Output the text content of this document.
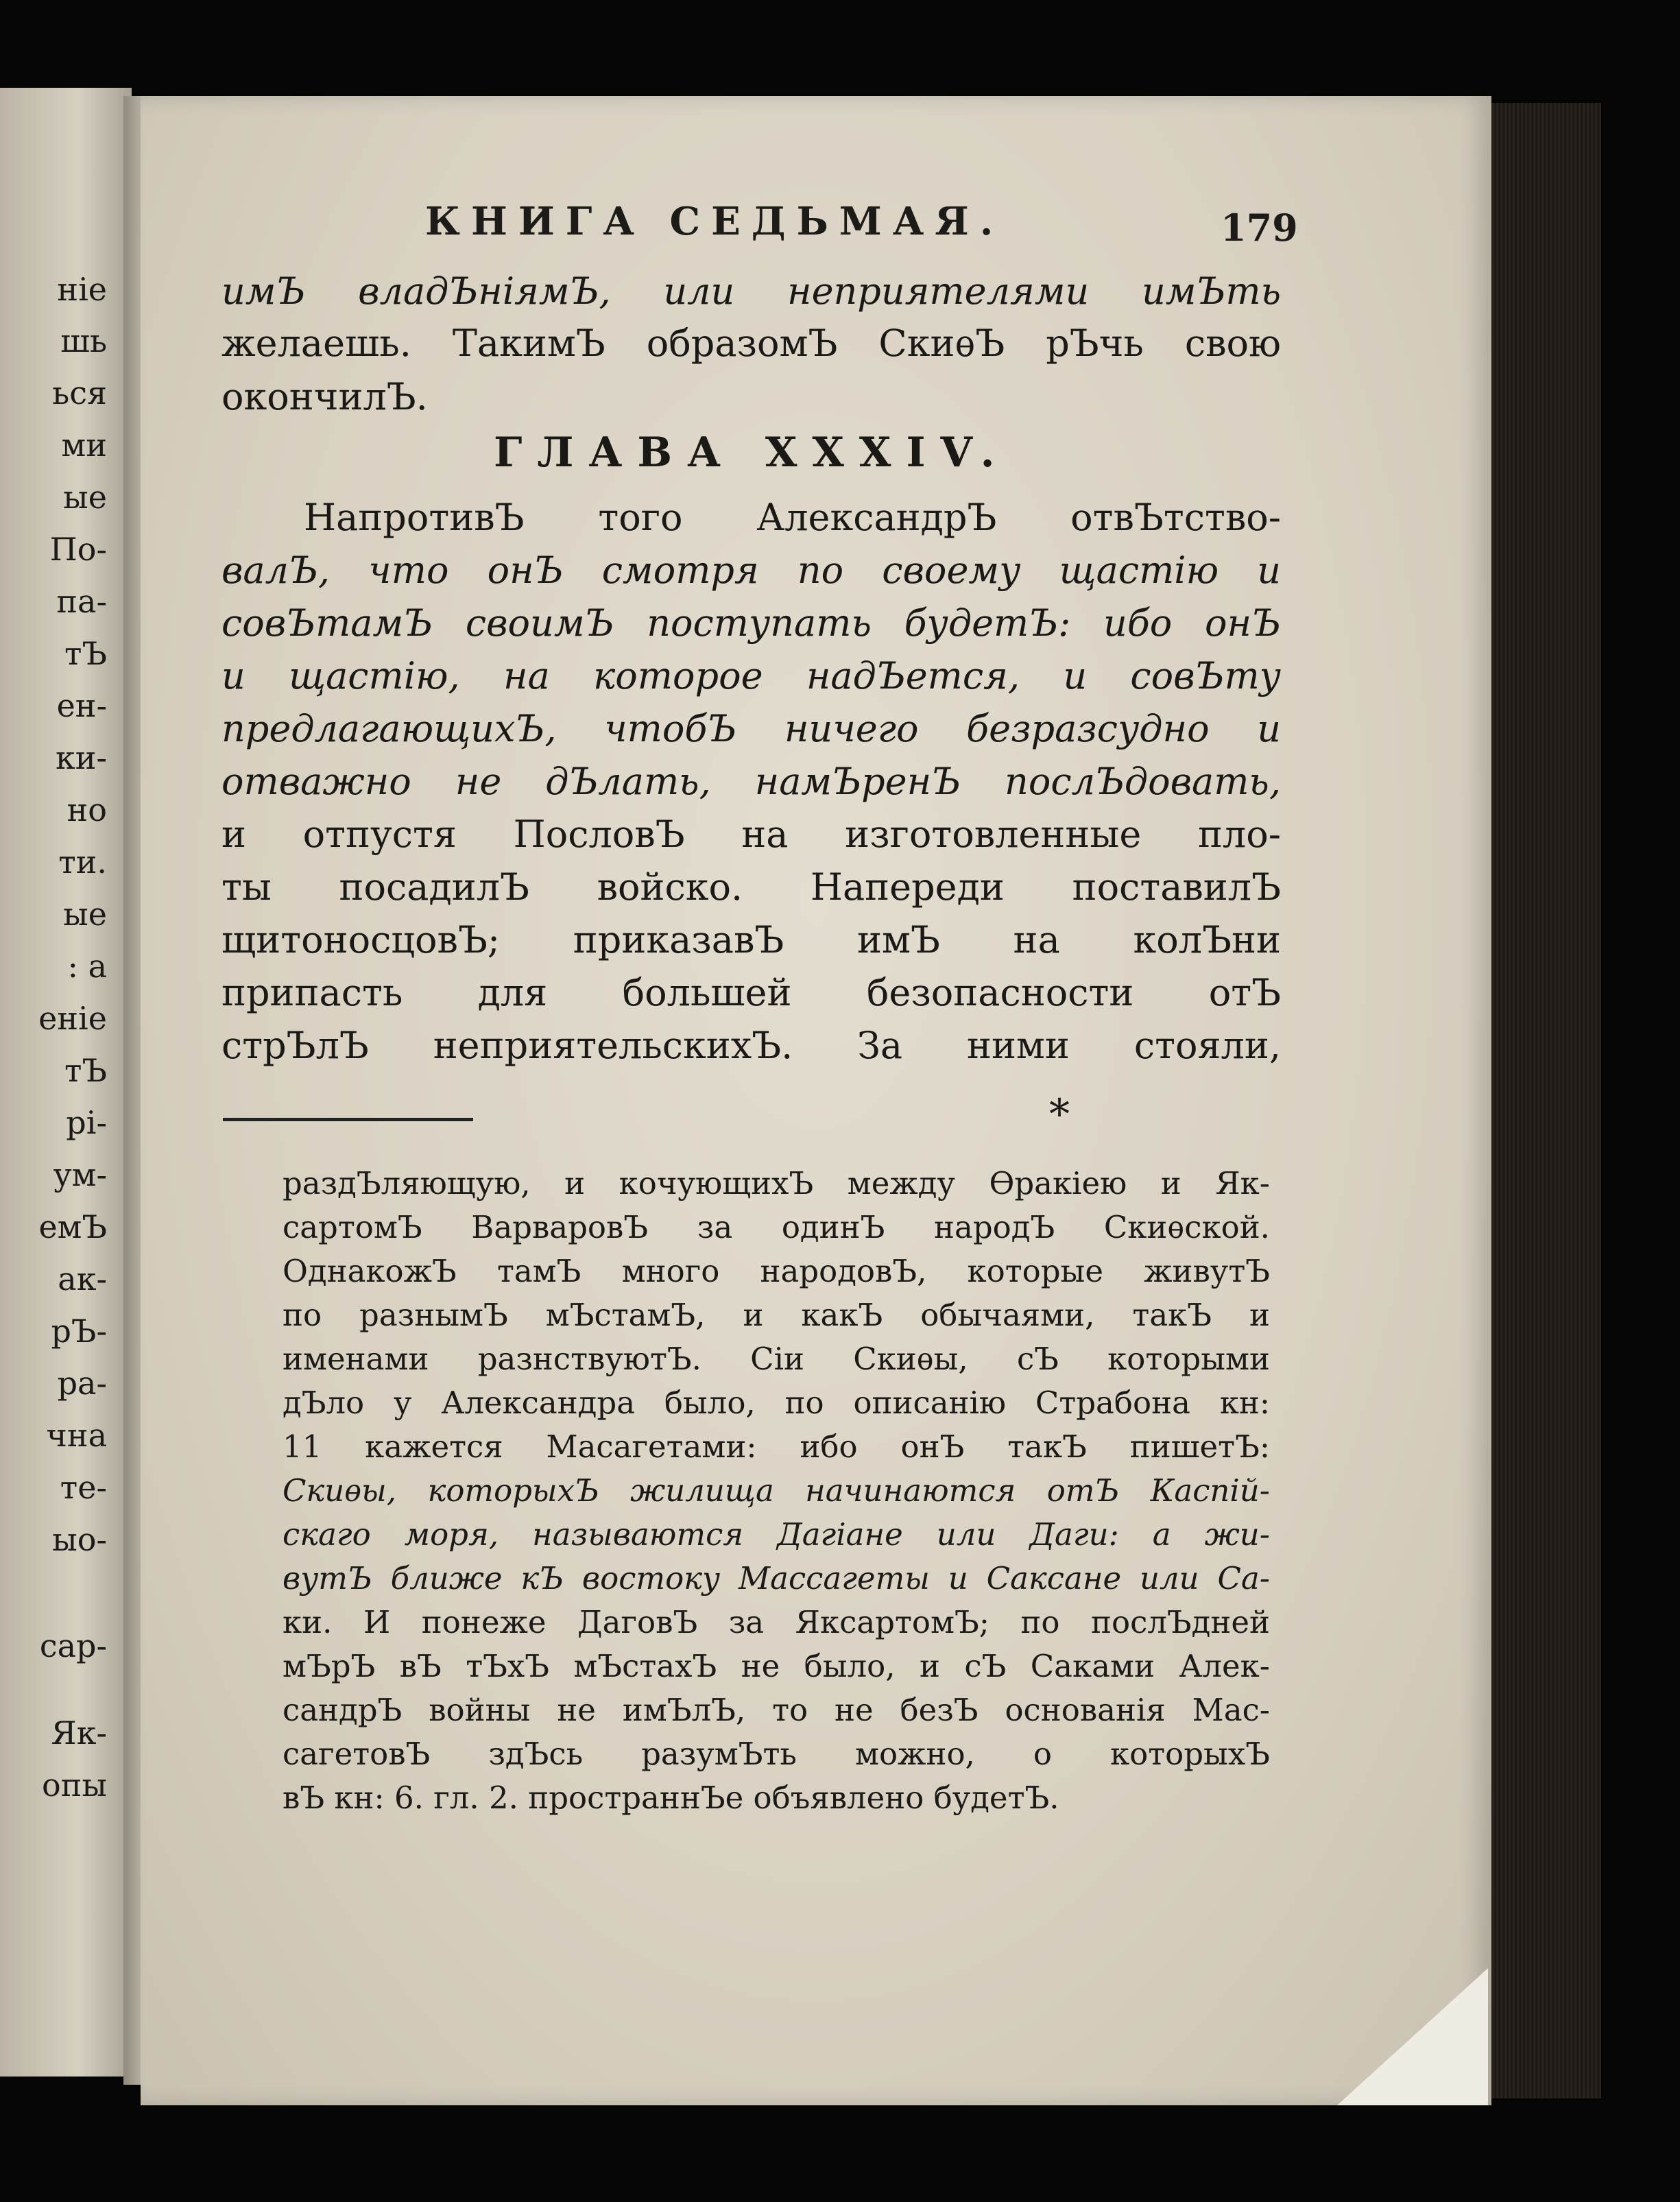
ніе
шь
ься
ми
ые
По-
па-
тЪ
ен-
ки-
но
ти.
ые
: а
еніе
тЪ
рі-
ум-
емЪ
ак-
рЪ-
ра-
чна
те-
ыо-
сар-
Як-
опы
КНИГА СЕДЬМАЯ.	179
имЪ владЪніямЪ, или неприятелями имЪть
желаешь. ТакимЪ образомЪ СкиѳЪ рЪчь свою
окончилЪ.
ГЛАВА XXXIV.
НапротивЪ того АлександрЪ отвЪтство-
валЪ, что онЪ смотря по своему щастію и
совЪтамЪ своимЪ поступать будетЪ: ибо онЪ
и щастію, на которое надЪется, и совЪту
предлагающихЪ, чтобЪ ничего безразсудно и
отважно не дЪлать, намЪренЪ послЪдовать,
и отпустя ПословЪ на изготовленные пло-
ты посадилЪ войско. Напереди поставилЪ
щитоносцовЪ; приказавЪ имЪ на колЪни
припасть для большей безопасности отЪ
стрЪлЪ неприятельскихЪ. За ними стояли,
*
раздЪляющую, и кочующихЪ между Ѳракіею и Як-
сартомЪ ВарваровЪ за одинЪ народЪ Скиѳской.
ОднакожЪ тамЪ много народовЪ, которые живутЪ
по разнымЪ мЪстамЪ, и какЪ обычаями, такЪ и
именами разнствуютЪ. Сіи Скиѳы, сЪ которыми
дЪло у Александра было, по описанію Страбона кн:
11 кажется Масагетами: ибо онЪ такЪ пишетЪ:
Скиѳы, которыхЪ жилища начинаются отЪ Каспій-
скаго моря, называются Дагіане или Даги: а жи-
вутЪ ближе кЪ востоку Массагеты и Саксане или Са-
ки. И понеже ДаговЪ за ЯксартомЪ; по послЪдней
мЪрЪ вЪ тЪхЪ мЪстахЪ не было, и сЪ Саками Алек-
сандрЪ войны не имЪлЪ, то не безЪ основанія Мас-
сагетовЪ здЪсь разумЪть можно, о которыхЪ
вЪ кн: 6. гл. 2. пространнЪе объявлено будетЪ.
